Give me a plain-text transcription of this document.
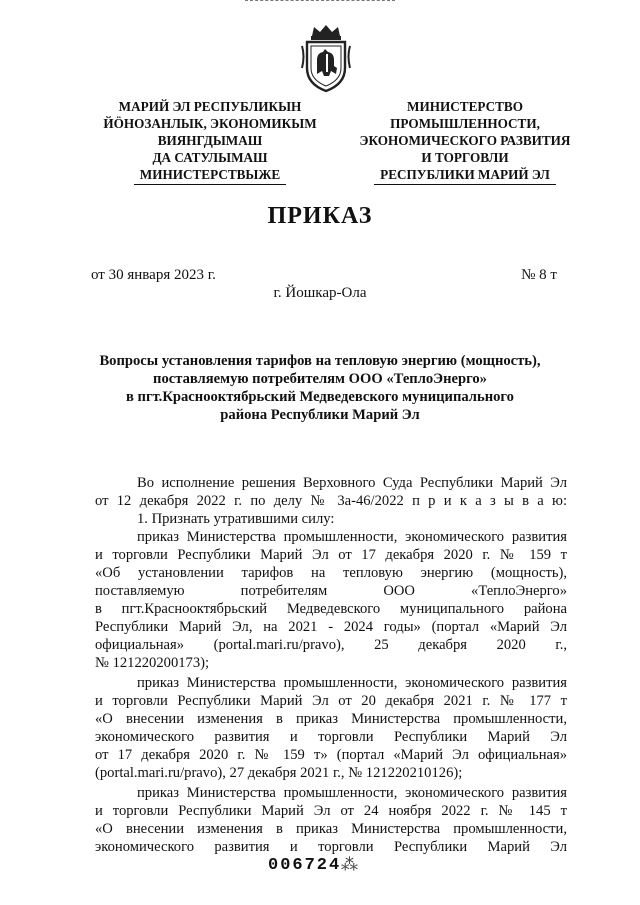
МАРИЙ ЭЛ РЕСПУБЛИКЫН
ЙÖНОЗАНЛЫК, ЭКОНОМИКЫМ
ВИЯНГДЫМАШ
ДА САТУЛЫМАШ
МИНИСТЕРСТВЫЖЕ
МИНИСТЕРСТВО
ПРОМЫШЛЕННОСТИ,
ЭКОНОМИЧЕСКОГО РАЗВИТИЯ
И ТОРГОВЛИ
РЕСПУБЛИКИ МАРИЙ ЭЛ
ПРИКАЗ
от 30 января 2023 г.	№ 8 т
г. Йошкар-Ола
Вопросы установления тарифов на тепловую энергию (мощность),
поставляемую потребителям ООО «ТеплоЭнерго»
в пгт.Краснооктябрьский Медведевского муниципального
района Республики Марий Эл
Во исполнение решения Верховного Суда Республики Марий Эл
от 12 декабря 2022 г. по делу № 3а-46/2022 п р и к а з ы в а ю:
1. Признать утратившими силу:
приказ Министерства промышленности, экономического развития
и торговли Республики Марий Эл от 17 декабря 2020 г. № 159 т
«Об установлении тарифов на тепловую энергию (мощность),
поставляемую потребителям ООО «ТеплоЭнерго»
в пгт.Краснооктябрьский Медведевского муниципального района
Республики Марий Эл, на 2021 - 2024 годы» (портал «Марий Эл
официальная» (portal.mari.ru/pravo), 25 декабря 2020 г.,
№ 121220200173);
приказ Министерства промышленности, экономического развития
и торговли Республики Марий Эл от 20 декабря 2021 г. № 177 т
«О внесении изменения в приказ Министерства промышленности,
экономического развития и торговли Республики Марий Эл
от 17 декабря 2020 г. № 159 т» (портал «Марий Эл официальная»
(portal.mari.ru/pravo), 27 декабря 2021 г., № 121220210126);
приказ Министерства промышленности, экономического развития
и торговли Республики Марий Эл от 24 ноября 2022 г. № 145 т
«О внесении изменения в приказ Министерства промышленности,
экономического развития и торговли Республики Марий Эл
006724 ⁂
